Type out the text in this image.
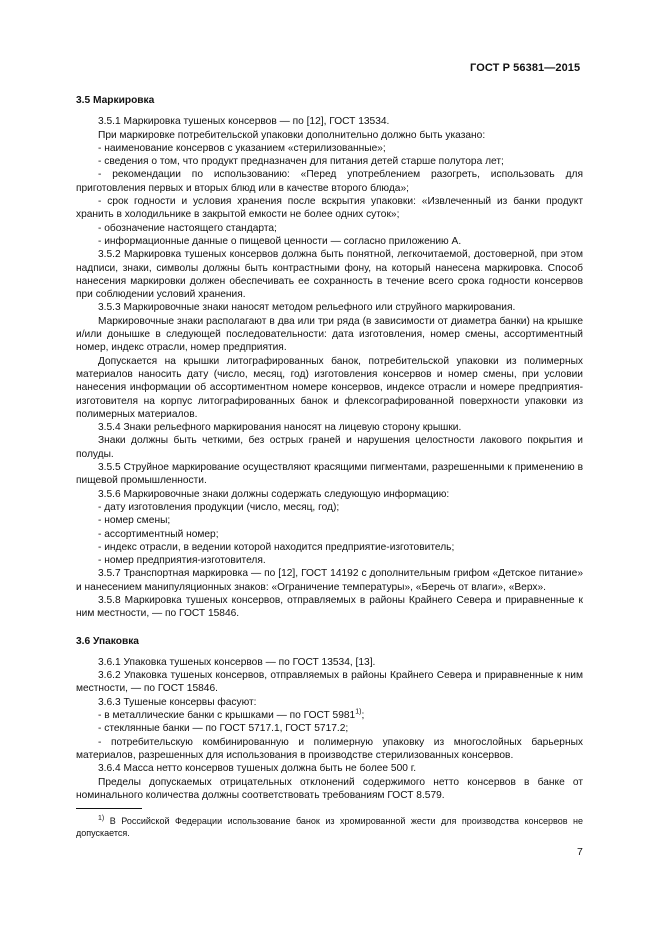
ГОСТ Р 56381—2015
3.5 Маркировка

3.5.1 Маркировка тушеных консервов — по [12], ГОСТ 13534.

При маркировке потребительской упаковки дополнительно должно быть указано:

- наименование консервов с указанием «стерилизованные»;

- сведения о том, что продукт предназначен для питания детей старше полутора лет;

- рекомендации по использованию: «Перед употреблением разогреть, использовать для приготовления первых и вторых блюд или в качестве второго блюда»;

- срок годности и условия хранения после вскрытия упаковки: «Извлеченный из банки продукт хранить в холодильнике в закрытой емкости не более одних суток»;

- обозначение настоящего стандарта;

- информационные данные о пищевой ценности — согласно приложению А.

3.5.2 Маркировка тушеных консервов должна быть понятной, легкочитаемой, достоверной, при этом надписи, знаки, символы должны быть контрастными фону, на который нанесена маркировка. Способ нанесения маркировки должен обеспечивать ее сохранность в течение всего срока годности консервов при соблюдении условий хранения.

3.5.3 Маркировочные знаки наносят методом рельефного или струйного маркирования.

Маркировочные знаки располагают в два или три ряда (в зависимости от диаметра банки) на крышке и/или донышке в следующей последовательности: дата изготовления, номер смены, ассортиментный номер, индекс отрасли, номер предприятия.

Допускается на крышки литографированных банок, потребительской упаковки из полимерных материалов наносить дату (число, месяц, год) изготовления консервов и номер смены, при условии нанесения информации об ассортиментном номере консервов, индексе отрасли и номере предприятия-изготовителя на корпус литографированных банок и флексографированной поверхности упаковки из полимерных материалов.

3.5.4 Знаки рельефного маркирования наносят на лицевую сторону крышки.

Знаки должны быть четкими, без острых граней и нарушения целостности лакового покрытия и полуды.

3.5.5 Струйное маркирование осуществляют красящими пигментами, разрешенными к применению в пищевой промышленности.

3.5.6 Маркировочные знаки должны содержать следующую информацию:

- дату изготовления продукции (число, месяц, год);

- номер смены;

- ассортиментный номер;

- индекс отрасли, в ведении которой находится предприятие-изготовитель;

- номер предприятия-изготовителя.

3.5.7 Транспортная маркировка — по [12], ГОСТ 14192 с дополнительным грифом «Детское питание» и нанесением манипуляционных знаков: «Ограничение температуры», «Беречь от влаги», «Верх».

3.5.8 Маркировка тушеных консервов, отправляемых в районы Крайнего Севера и приравненные к ним местности, — по ГОСТ 15846.

3.6 Упаковка

3.6.1 Упаковка тушеных консервов — по ГОСТ 13534, [13].

3.6.2 Упаковка тушеных консервов, отправляемых в районы Крайнего Севера и приравненные к ним местности, — по ГОСТ 15846.

3.6.3 Тушеные консервы фасуют:

- в металлические банки с крышками — по ГОСТ 5981$^{1)}$;

- стеклянные банки — по ГОСТ 5717.1, ГОСТ 5717.2;

- потребительскую комбинированную и полимерную упаковку из многослойных барьерных материалов, разрешенных для использования в производстве стерилизованных консервов.

3.6.4 Масса нетто консервов тушеных должна быть не более 500 г.

Пределы допускаемых отрицательных отклонений содержимого нетто консервов в банке от номинального количества должны соответствовать требованиям ГОСТ 8.579.

$^{1)}$ В Российской Федерации использование банок из хромированной жести для производства консервов не допускается.
7
